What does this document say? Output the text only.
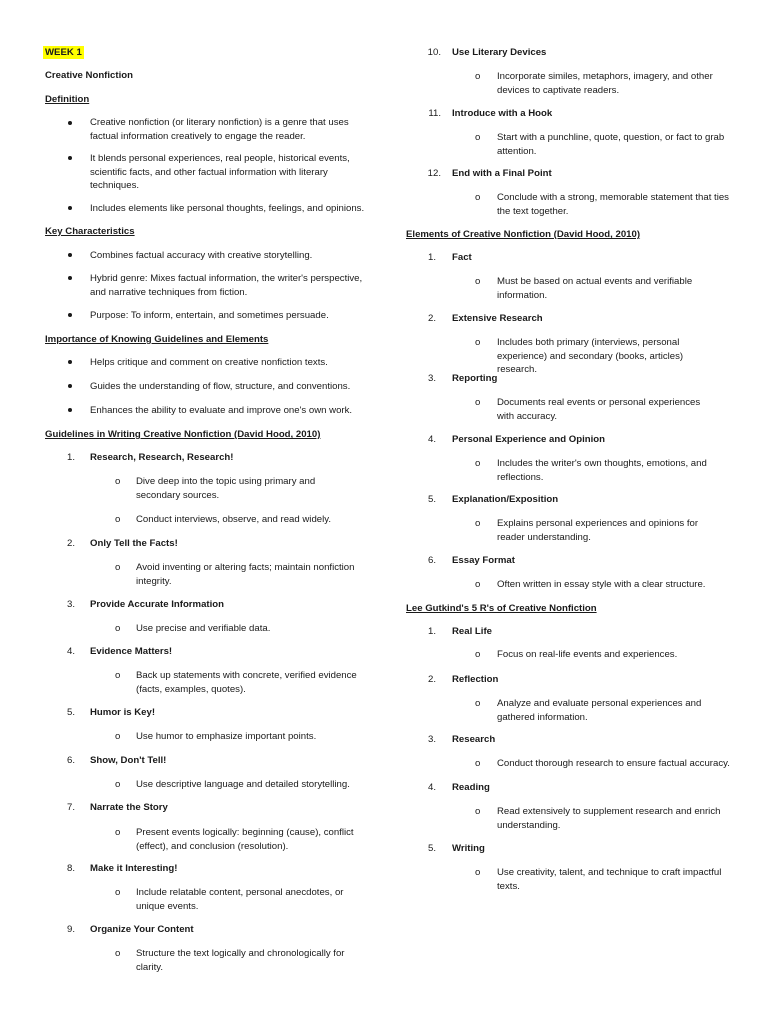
WEEK 1
Creative Nonfiction
Definition
Creative nonfiction (or literary nonfiction) is a genre that uses factual information creatively to engage the reader.
It blends personal experiences, real people, historical events, scientific facts, and other factual information with literary techniques.
Includes elements like personal thoughts, feelings, and opinions.
Key Characteristics
Combines factual accuracy with creative storytelling.
Hybrid genre: Mixes factual information, the writer's perspective, and narrative techniques from fiction.
Purpose: To inform, entertain, and sometimes persuade.
Importance of Knowing Guidelines and Elements
Helps critique and comment on creative nonfiction texts.
Guides the understanding of flow, structure, and conventions.
Enhances the ability to evaluate and improve one's own work.
Guidelines in Writing Creative Nonfiction (David Hood, 2010)
1. Research, Research, Research!
o Dive deep into the topic using primary and secondary sources.
o Conduct interviews, observe, and read widely.
2. Only Tell the Facts!
o Avoid inventing or altering facts; maintain nonfiction integrity.
3. Provide Accurate Information
o Use precise and verifiable data.
4. Evidence Matters!
o Back up statements with concrete, verified evidence (facts, examples, quotes).
5. Humor is Key!
o Use humor to emphasize important points.
6. Show, Don't Tell!
o Use descriptive language and detailed storytelling.
7. Narrate the Story
o Present events logically: beginning (cause), conflict (effect), and conclusion (resolution).
8. Make it Interesting!
o Include relatable content, personal anecdotes, or unique events.
9. Organize Your Content
o Structure the text logically and chronologically for clarity.
10. Use Literary Devices
o Incorporate similes, metaphors, imagery, and other devices to captivate readers.
11. Introduce with a Hook
o Start with a punchline, quote, question, or fact to grab attention.
12. End with a Final Point
o Conclude with a strong, memorable statement that ties the text together.
Elements of Creative Nonfiction (David Hood, 2010)
1. Fact
o Must be based on actual events and verifiable information.
2. Extensive Research
o Includes both primary (interviews, personal experience) and secondary (books, articles) research.
3. Reporting
o Documents real events or personal experiences with accuracy.
4. Personal Experience and Opinion
o Includes the writer's own thoughts, emotions, and reflections.
5. Explanation/Exposition
o Explains personal experiences and opinions for reader understanding.
6. Essay Format
o Often written in essay style with a clear structure.
Lee Gutkind's 5 R's of Creative Nonfiction
1. Real Life
o Focus on real-life events and experiences.
2. Reflection
o Analyze and evaluate personal experiences and gathered information.
3. Research
o Conduct thorough research to ensure factual accuracy.
4. Reading
o Read extensively to supplement research and enrich understanding.
5. Writing
o Use creativity, talent, and technique to craft impactful texts.
